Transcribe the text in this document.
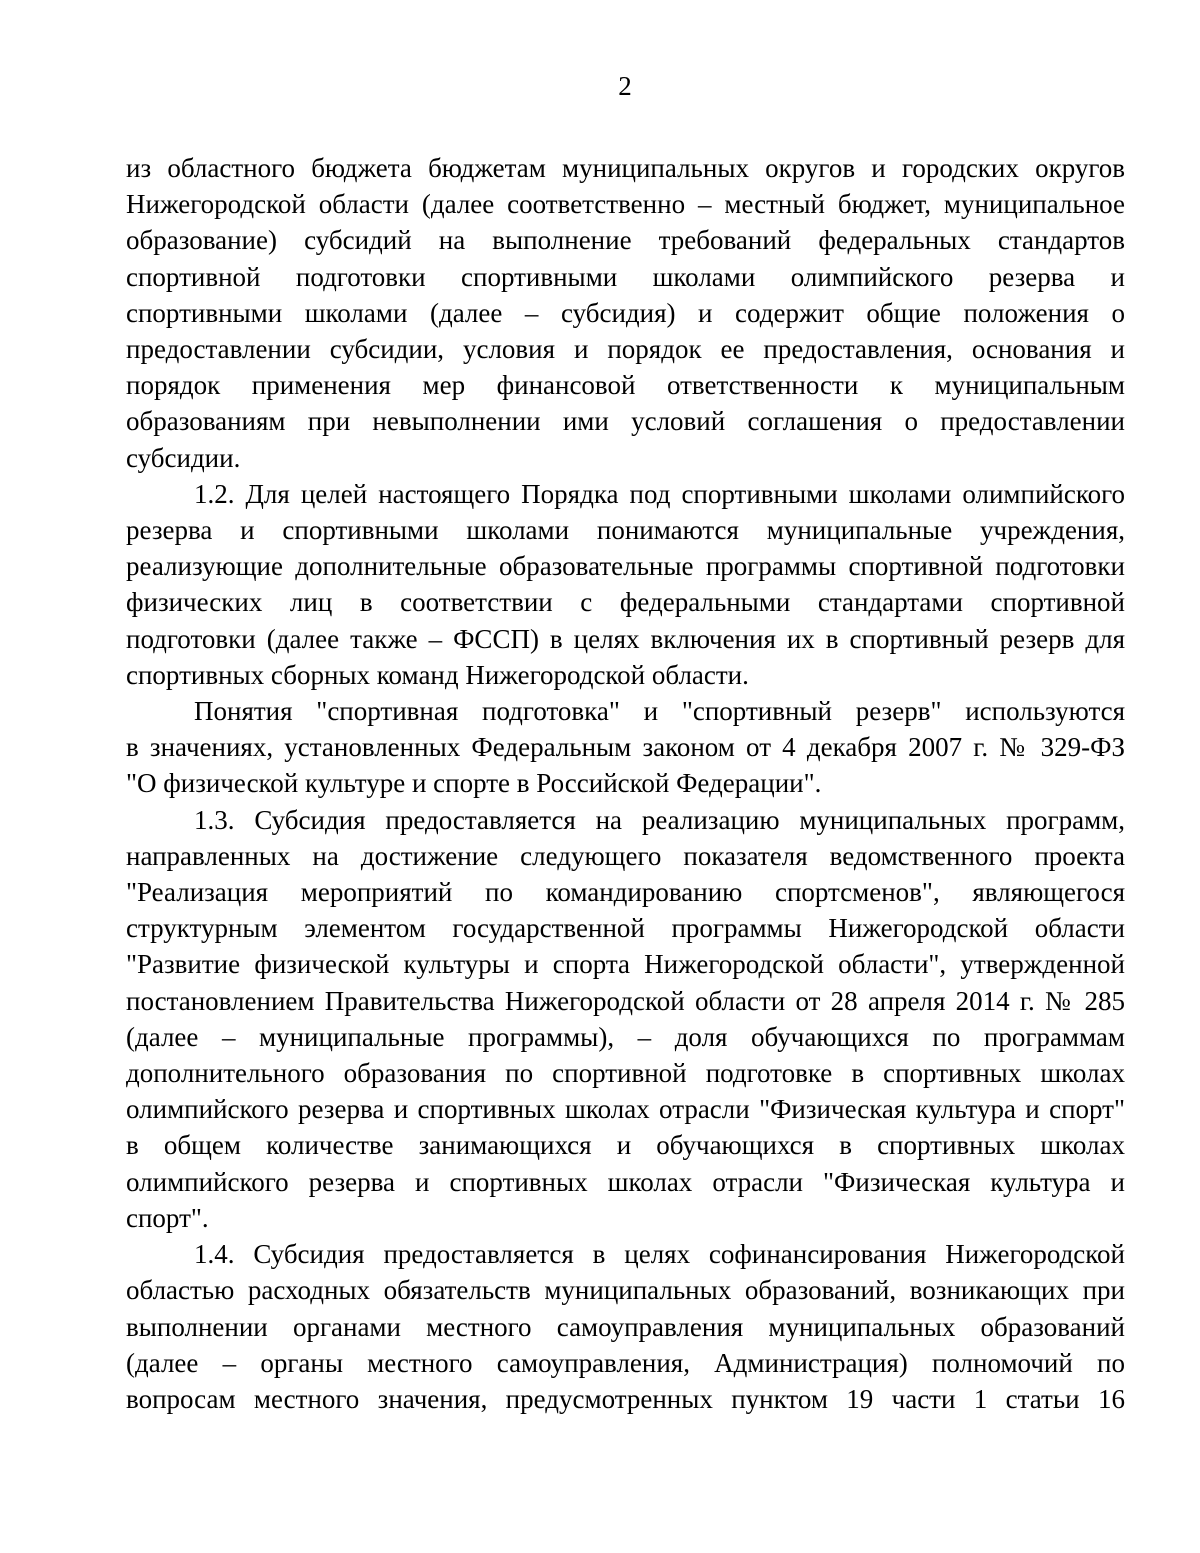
2
из областного бюджета бюджетам муниципальных округов и городских округов
Нижегородской области (далее соответственно – местный бюджет, муниципальное
образование) субсидий на выполнение требований федеральных стандартов
спортивной подготовки спортивными школами олимпийского резерва и
спортивными школами (далее – субсидия) и содержит общие положения о
предоставлении субсидии, условия и порядок ее предоставления, основания и
порядок применения мер финансовой ответственности к муниципальным
образованиям при невыполнении ими условий соглашения о предоставлении
субсидии.
1.2. Для целей настоящего Порядка под спортивными школами олимпийского
резерва и спортивными школами понимаются муниципальные учреждения,
реализующие дополнительные образовательные программы спортивной подготовки
физических лиц в соответствии с федеральными стандартами спортивной
подготовки (далее также – ФССП) в целях включения их в спортивный резерв для
спортивных сборных команд Нижегородской области.
Понятия "спортивная подготовка" и "спортивный резерв" используются
в значениях, установленных Федеральным законом от 4 декабря 2007 г. № 329-ФЗ
"О физической культуре и спорте в Российской Федерации".
1.3. Субсидия предоставляется на реализацию муниципальных программ,
направленных на достижение следующего показателя ведомственного проекта
"Реализация мероприятий по командированию спортсменов", являющегося
структурным элементом государственной программы Нижегородской области
"Развитие физической культуры и спорта Нижегородской области", утвержденной
постановлением Правительства Нижегородской области от 28 апреля 2014 г. № 285
(далее – муниципальные программы), – доля обучающихся по программам
дополнительного образования по спортивной подготовке в спортивных школах
олимпийского резерва и спортивных школах отрасли "Физическая культура и спорт"
в общем количестве занимающихся и обучающихся в спортивных школах
олимпийского резерва и спортивных школах отрасли "Физическая культура и
спорт".
1.4. Субсидия предоставляется в целях софинансирования Нижегородской
областью расходных обязательств муниципальных образований, возникающих при
выполнении органами местного самоуправления муниципальных образований
(далее – органы местного самоуправления, Администрация) полномочий по
вопросам местного значения, предусмотренных пунктом 19 части 1 статьи 16
